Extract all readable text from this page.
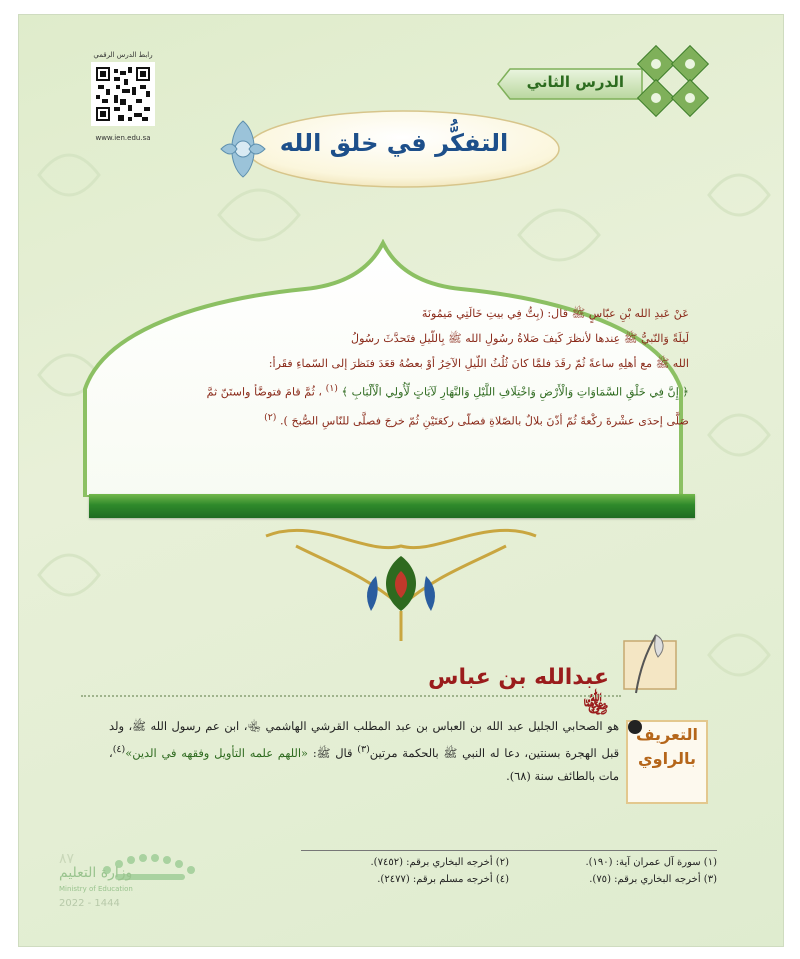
رابط الدرس الرقمي
www.ien.edu.sa
الدرس الثاني
التفكُّر في خلق الله
عَنْ عَبدِ الله بْنِ عبّاسٍ ﷺ قال: (بِتُّ فِي بيتِ خَالَتِي مَيمُونَةَ
لَيلَةً وَالنّبيُّ ﷺ عِندها لأنظرَ كَيفَ صَلاةُ رسُولِ الله ﷺ بِاللّيلِ فتَحدَّثَ رسُولُ
الله ﷺ مع أهلِهِ ساعةً ثُمّ رقَدَ فلمَّا كانَ ثُلُثُ اللّيلِ الآخِرُ أوْ بعضُهُ قعَدَ فنَظرَ إلى السّماءِ فقَرأ:
﴿ إِنَّ فِي خَلْقِ السَّمَاوَاتِ وَالْأَرْضِ وَاخْتِلَافِ اللَّيْلِ وَالنَّهَارِ لَآيَاتٍ لِّأُولِي الْأَلْبَابِ ﴾ $^{(١)}$ ، ثُمَّ قامَ فتوضَّأ واستَنّ ثمَّ
صَلَّى إحدَى عشْرةَ ركْعةً ثُمّ أذّنَ بلالٌ بالصّلاةِ فصلّى ركعَتَيْنِ ثُمّ خرجَ فصلَّى للنّاسِ الصُّبحَ ). $^{(٢)}$
عبدالله بن عباس ﵄
التعريف
بالراوي
هو الصحابي الجليل عبد الله بن العباس بن عبد المطلب القرشي الهاشمي ﵄، ابن عم رسول الله ﷺ، ولد قبل الهجرة بسنتين، دعا له النبي ﷺ بالحكمة مرتين$^{(٣)}$ قال ﷺ: «اللهم علمه التأويل وفقهه في الدين»$^{(٤)}$، مات بالطائف سنة (٦٨).
٨٧
وزارة التعليم
Ministry of Education
2022 - 1444
(١) سورة آل عمران آية: (١٩٠).
(٢) أخرجه البخاري برقم: (٧٤٥٢).
(٣) أخرجه البخاري برقم: (٧٥).
(٤) أخرجه مسلم برقم: (٢٤٧٧).
